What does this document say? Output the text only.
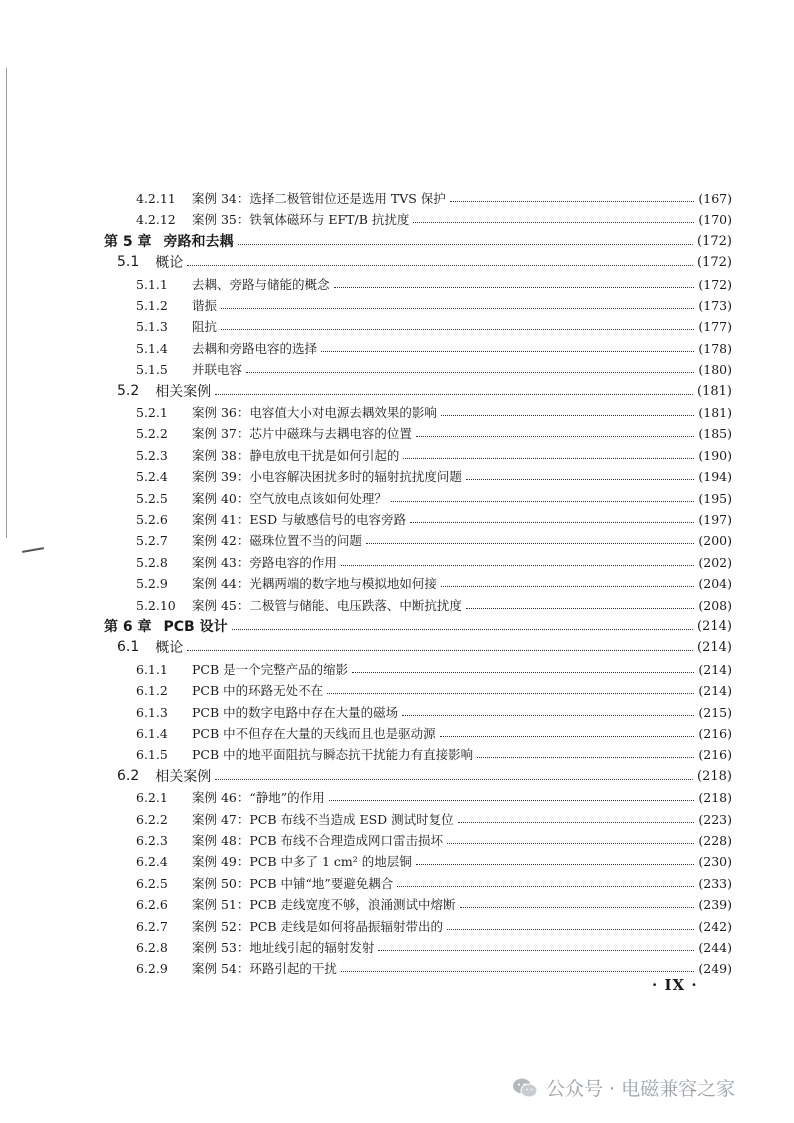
4.2.11	案例 34：选择二极管钳位还是选用 TVS 保护	(167)
4.2.12	案例 35：铁氧体磁环与 EFT/B 抗扰度	(170)
第 5 章 旁路和去耦	(172)
5.1	概论	(172)
5.1.1	去耦、旁路与储能的概念	(172)
5.1.2	谐振	(173)
5.1.3	阻抗	(177)
5.1.4	去耦和旁路电容的选择	(178)
5.1.5	并联电容	(180)
5.2	相关案例	(181)
5.2.1	案例 36：电容值大小对电源去耦效果的影响	(181)
5.2.2	案例 37：芯片中磁珠与去耦电容的位置	(185)
5.2.3	案例 38：静电放电干扰是如何引起的	(190)
5.2.4	案例 39：小电容解决困扰多时的辐射抗扰度问题	(194)
5.2.5	案例 40：空气放电点该如何处理？	(195)
5.2.6	案例 41：ESD 与敏感信号的电容旁路	(197)
5.2.7	案例 42：磁珠位置不当的问题	(200)
5.2.8	案例 43：旁路电容的作用	(202)
5.2.9	案例 44：光耦两端的数字地与模拟地如何接	(204)
5.2.10	案例 45：二极管与储能、电压跌落、中断抗扰度	(208)
第 6 章 PCB 设计	(214)
6.1	概论	(214)
6.1.1	PCB 是一个完整产品的缩影	(214)
6.1.2	PCB 中的环路无处不在	(214)
6.1.3	PCB 中的数字电路中存在大量的磁场	(215)
6.1.4	PCB 中不但存在大量的天线而且也是驱动源	(216)
6.1.5	PCB 中的地平面阻抗与瞬态抗干扰能力有直接影响	(216)
6.2	相关案例	(218)
6.2.1	案例 46：“静地”的作用	(218)
6.2.2	案例 47：PCB 布线不当造成 ESD 测试时复位	(223)
6.2.3	案例 48：PCB 布线不合理造成网口雷击损坏	(228)
6.2.4	案例 49：PCB 中多了 1 cm² 的地层铜	(230)
6.2.5	案例 50：PCB 中铺“地”要避免耦合	(233)
6.2.6	案例 51：PCB 走线宽度不够，浪涌测试中熔断	(239)
6.2.7	案例 52：PCB 走线是如何将晶振辐射带出的	(242)
6.2.8	案例 53：地址线引起的辐射发射	(244)
6.2.9	案例 54：环路引起的干扰	(249)
· IX ·
公众号 · 电磁兼容之家
